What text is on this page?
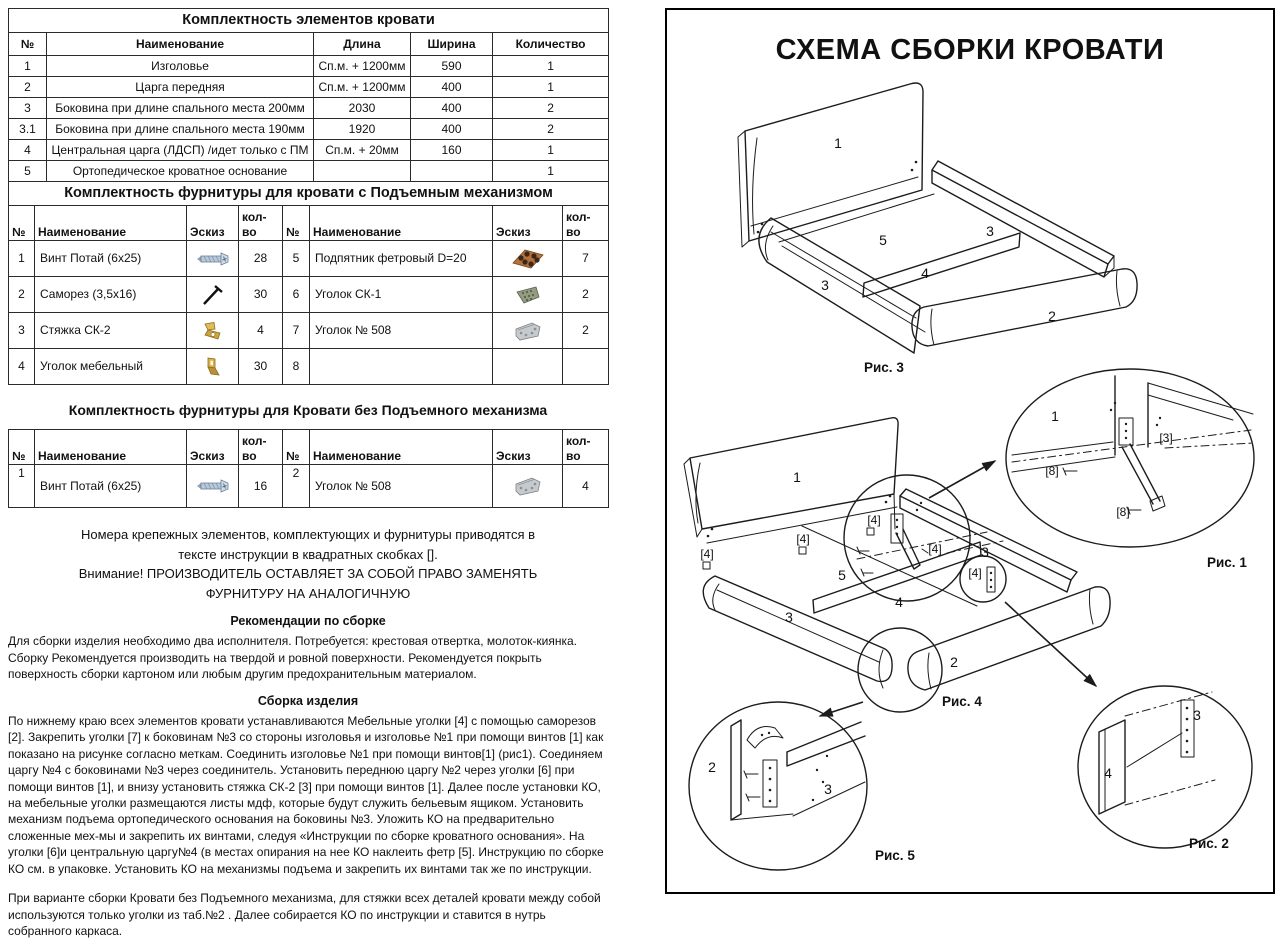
Комплектность элементов кровати				
№	Наименование	Длина	Ширина	Количество
1	Изголовье	Сп.м. + 1200мм	590	1
2	Царга передняя	Сп.м. + 1200мм	400	1
3	Боковина при длине спального места 200мм	2030	400	2
3.1	Боковина при длине спального места 190мм	1920	400	2
4	Центральная царга (ЛДСП) /идет только с ПМ	Сп.м. + 20мм	160	1
5	Ортопедическое кроватное основание			1
Комплектность фурнитуры для кровати с Подъемным механизмом							
№	Наименование	Эскиз	кол-во	№	Наименование	Эскиз	кол-во
1	Винт Потай (6х25)		28	5	Подпятник фетровый D=20		7
2	Саморез (3,5х16)		30	6	Уголок СК-1		2
3	Стяжка СК-2		4	7	Уголок № 508		2
4	Уголок мебельный		30	8			
Комплектность фурнитуры для Кровати без Подъемного механизма
№	Наименование	Эскиз	кол-во	№	Наименование	Эскиз	кол-во
1	Винт Потай (6х25)		16	2	Уголок № 508		4
Номера крепежных элементов, комплектующих и фурнитуры приводятся в
тексте инструкции в квадратных скобках [].
Внимание! ПРОИЗВОДИТЕЛЬ ОСТАВЛЯЕТ ЗА СОБОЙ ПРАВО ЗАМЕНЯТЬ
ФУРНИТУРУ НА АНАЛОГИЧНУЮ
Рекомендации по сборке
Для сборки изделия необходимо два исполнителя. Потребуется: крестовая отвертка, молоток-киянка. Сборку Рекомендуется производить на твердой и ровной поверхности. Рекомендуется покрыть поверхность сборки картоном или любым другим предохранительным материалом.
Сборка изделия
По нижнему краю всех элементов кровати устанавливаются Мебельные уголки [4] с помощью саморезов [2]. Закрепить уголки [7] к боковинам №3 со стороны изголовья и изголовье №1 при помощи винтов [1] как показано на рисунке согласно меткам. Соединить изголовье №1 при помощи винтов[1] (рис1). Соединяем царгу №4 с боковинами №3 через соединитель. Установить переднюю царгу №2 через уголки [6] при помощи винтов [1], и внизу установить стяжка СК-2 [3] при помощи винтов [1]. Далее после установки КО, на мебельные уголки размещаются листы мдф, которые будут служить бельевым ящиком. Установить механизм подъема ортопедического основания на боковины №3. Уложить КО на предварительно сложенные мех-мы и закрепить их винтами, следуя «Инструкции по сборке кроватного основания». На уголки [6]и центральную царгу№4 (в местах опирания на нее КО наклеить фетр [5]. Инструкцию по сборке КО см. в упаковке. Установить КО на механизмы подъема и закрепить их винтами так же по инструкции.
При варианте сборки Кровати без Подъемного механизма, для стяжки всех деталей кровати между собой используются только уголки из таб.№2 . Далее собирается КО по инструкции и ставится в нутрь собранного каркаса.
1
3
5
4
3
2
Рис. 3
[4]
[4]
[4]
[4]
[4]
1
3
5
4
3
2
Рис. 4
1
[3]
[8]
[8]
Рис. 1
2
3
Рис. 5
4
3
Рис. 2
СХЕМА СБОРКИ КРОВАТИ
